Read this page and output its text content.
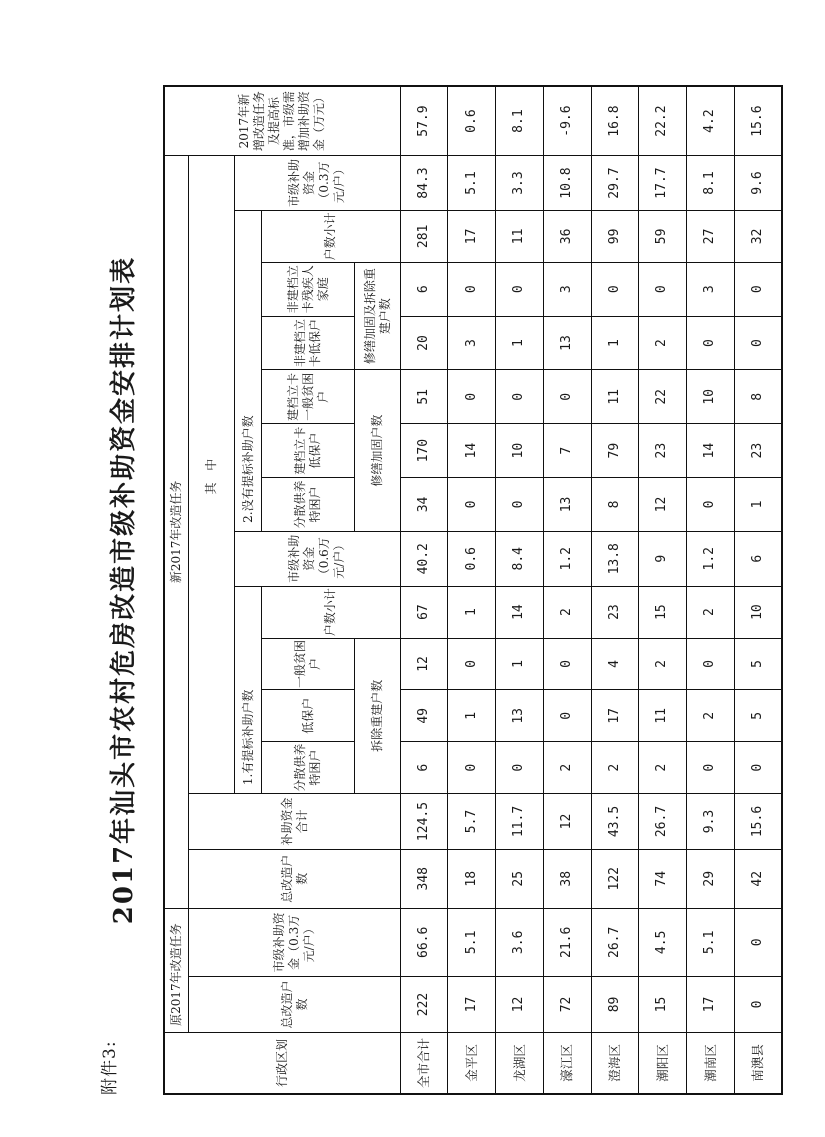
附件3:
2017年汕头市农村危房改造市级补助资金安排计划表
行政区划	原2017年改造任务		新2017年改造任务														2017年新增改造任务及提高标准，市级需增加补助资金（万元）
	总改造户数	市级补助资金（0.3万元/户）	总改造户数	补助资金合计	其 中												
					1.有提标补助户数				市级补助资金（0.6万元/户）	2.没有提标补助户数						市级补助资金（0.3万元/户）	
					分散供养特困户	低保户	一般贫困户	户数小计		分散供养特困户	建档立卡低保户	建档立卡一般贫困户	非建档立卡低保户	非建档立卡残疾人家庭	户数小计		
					拆除重建户数					修缮加固户数			修缮加固及拆除重建户数				
全市合计	222	66.6	348	124.5	6	49	12	67	40.2	34	170	51	20	6	281	84.3	57.9
金平区	17	5.1	18	5.7	0	1	0	1	0.6	0	14	0	3	0	17	5.1	0.6
龙湖区	12	3.6	25	11.7	0	13	1	14	8.4	0	10	0	1	0	11	3.3	8.1
濠江区	72	21.6	38	12	2	0	0	2	1.2	13	7	0	13	3	36	10.8	-9.6
澄海区	89	26.7	122	43.5	2	17	4	23	13.8	8	79	11	1	0	99	29.7	16.8
潮阳区	15	4.5	74	26.7	2	11	2	15	9	12	23	22	2	0	59	17.7	22.2
潮南区	17	5.1	29	9.3	0	2	0	2	1.2	0	14	10	0	3	27	8.1	4.2
南澳县	0	0	42	15.6	0	5	5	10	6	1	23	8	0	0	32	9.6	15.6
